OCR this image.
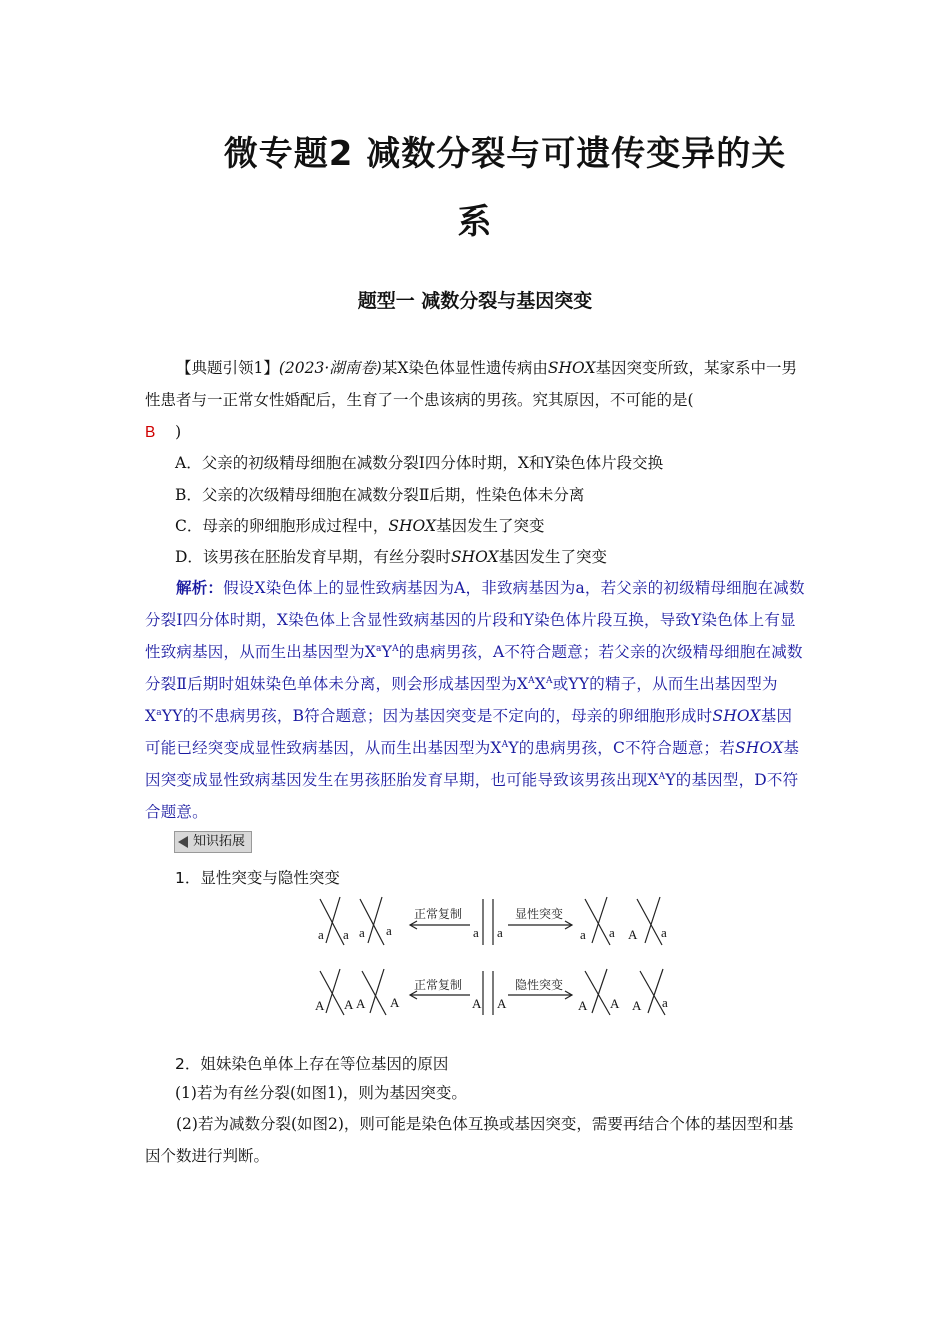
微专题2 减数分裂与可遗传变异的关
系
题型一 减数分裂与基因突变
【典题引领1】(2023·湖南卷)某X染色体显性遗传病由SHOX基因突变所致，某家系中一男性患者与一正常女性婚配后，生育了一个患该病的男孩。究其原因，不可能的是(
B )
A．父亲的初级精母细胞在减数分裂Ⅰ四分体时期，X和Y染色体片段交换
B．父亲的次级精母细胞在减数分裂Ⅱ后期，性染色体未分离
C．母亲的卵细胞形成过程中，SHOX基因发生了突变
D．该男孩在胚胎发育早期，有丝分裂时SHOX基因发生了突变
解析：假设X染色体上的显性致病基因为A，非致病基因为a，若父亲的初级精母细胞在减数分裂Ⅰ四分体时期，X染色体上含显性致病基因的片段和Y染色体片段互换，导致Y染色体上有显性致病基因，从而生出基因型为$X^aY^A$的患病男孩，A不符合题意；若父亲的次级精母细胞在减数分裂Ⅱ后期时姐妹染色单体未分离，则会形成基因型为$X^AX^A$或YY的精子，从而生出基因型为$X^aYY$的不患病男孩，B符合题意；因为基因突变是不定向的，母亲的卵细胞形成时SHOX基因可能已经突变成显性致病基因，从而生出基因型为$X^AY$的患病男孩，C不符合题意；若SHOX基因突变成显性致病基因发生在男孩胚胎发育早期，也可能导致该男孩出现$X^AY$的基因型，D不符合题意。
知识拓展
1．显性突变与隐性突变
a a a a	a a	a a A a
A A A A	A A	A A A a
正常复制	显性突变
正常复制	隐性突变
2．姐妹染色单体上存在等位基因的原因
(1)若为有丝分裂(如图1)，则为基因突变。
(2)若为减数分裂(如图2)，则可能是染色体互换或基因突变，需要再结合个体的基因型和基因个数进行判断。
